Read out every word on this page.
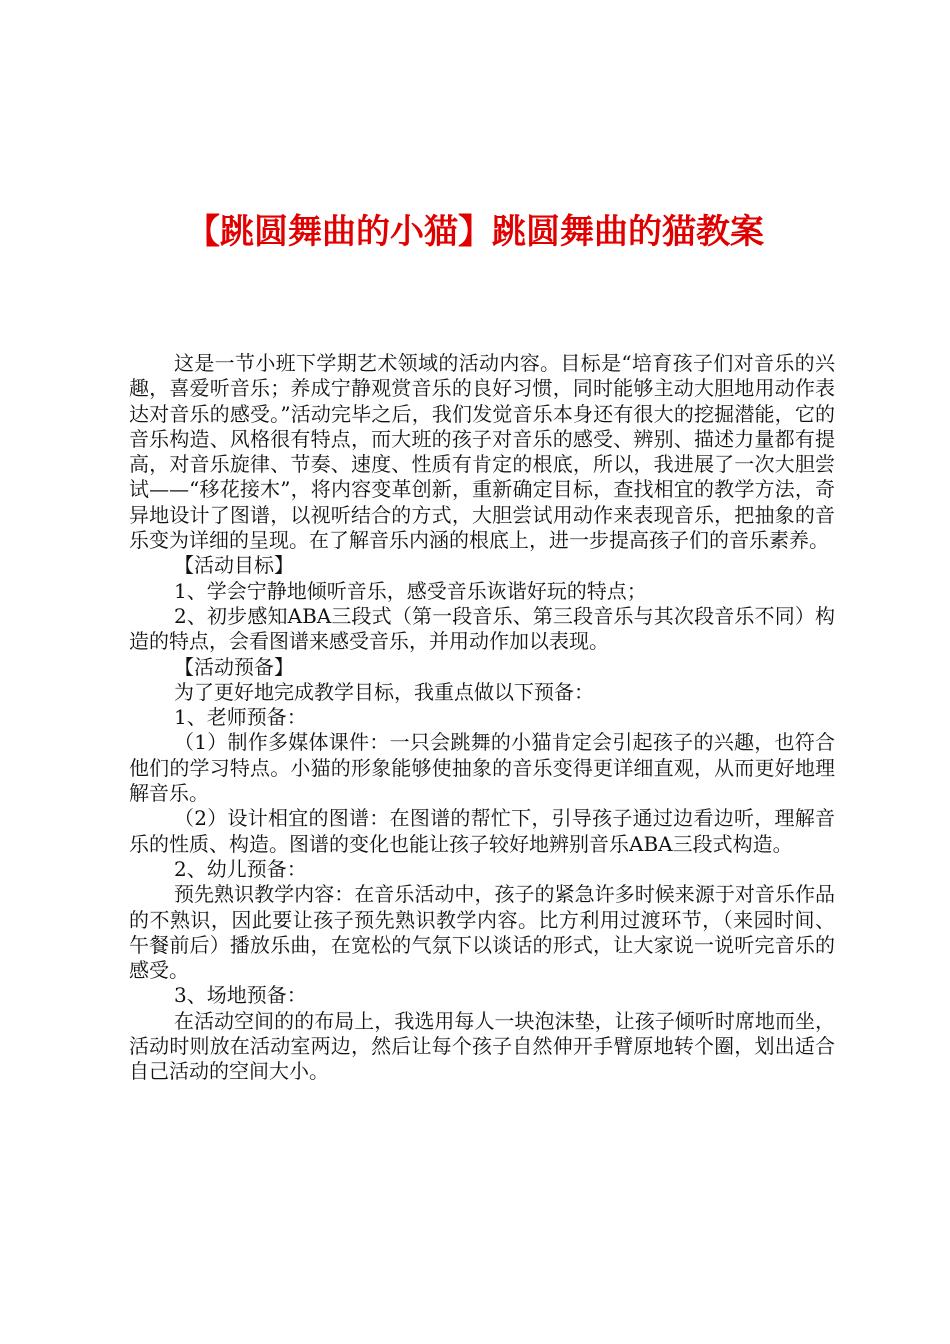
【跳圆舞曲的小猫】跳圆舞曲的猫教案

这是一节小班下学期艺术领域的活动内容。目标是“培育孩子们对音乐的兴趣，喜爱听音乐；养成宁静观赏音乐的良好习惯，同时能够主动大胆地用动作表达对音乐的感受。”活动完毕之后，我们发觉音乐本身还有很大的挖掘潜能，它的音乐构造、风格很有特点，而大班的孩子对音乐的感受、辨别、描述力量都有提高，对音乐旋律、节奏、速度、性质有肯定的根底，所以，我进展了一次大胆尝试——“移花接木”，将内容变革创新，重新确定目标，查找相宜的教学方法，奇异地设计了图谱，以视听结合的方式，大胆尝试用动作来表现音乐，把抽象的音乐变为详细的呈现。在了解音乐内涵的根底上，进一步提高孩子们的音乐素养。

【活动目标】

1、学会宁静地倾听音乐，感受音乐诙谐好玩的特点；

2、初步感知ABA三段式（第一段音乐、第三段音乐与其次段音乐不同）构造的特点，会看图谱来感受音乐，并用动作加以表现。

【活动预备】

为了更好地完成教学目标，我重点做以下预备：

1、老师预备：

（1）制作多媒体课件：一只会跳舞的小猫肯定会引起孩子的兴趣，也符合他们的学习特点。小猫的形象能够使抽象的音乐变得更详细直观，从而更好地理解音乐。

（2）设计相宜的图谱：在图谱的帮忙下，引导孩子通过边看边听，理解音乐的性质、构造。图谱的变化也能让孩子较好地辨别音乐ABA三段式构造。

2、幼儿预备：

预先熟识教学内容：在音乐活动中，孩子的紧急许多时候来源于对音乐作品的不熟识，因此要让孩子预先熟识教学内容。比方利用过渡环节，（来园时间、午餐前后）播放乐曲，在宽松的气氛下以谈话的形式，让大家说一说听完音乐的感受。

3、场地预备：

在活动空间的的布局上，我选用每人一块泡沫垫，让孩子倾听时席地而坐，活动时则放在活动室两边，然后让每个孩子自然伸开手臂原地转个圈，划出适合自己活动的空间大小。
